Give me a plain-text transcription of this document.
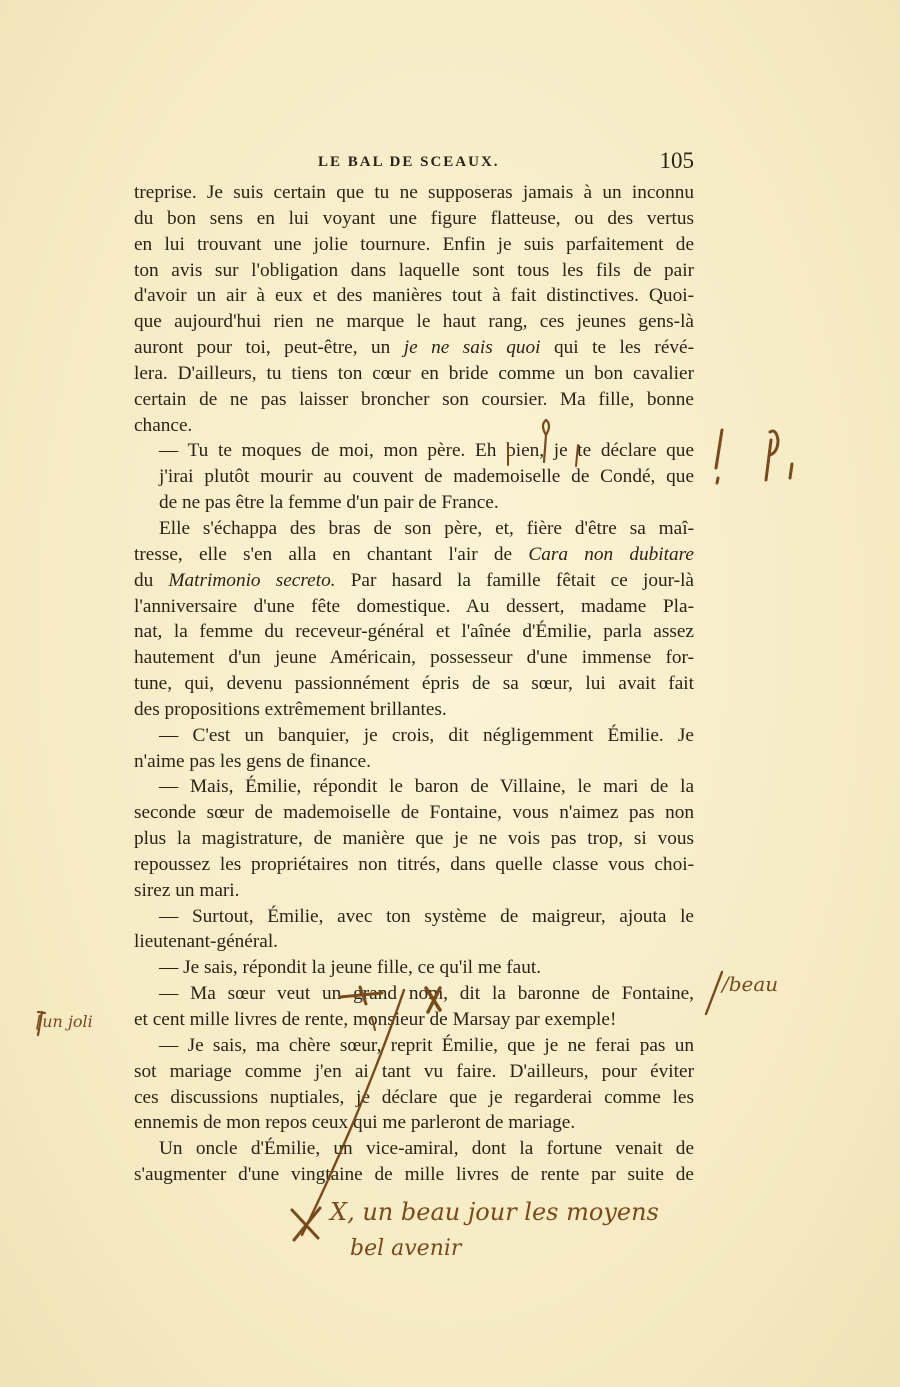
LE BAL DE SCEAUX.	105

treprise. Je suis certain que tu ne supposeras jamais à un inconnu
du bon sens en lui voyant une figure flatteuse, ou des vertus
en lui trouvant une jolie tournure. Enfin je suis parfaitement de
ton avis sur l'obligation dans laquelle sont tous les fils de pair
d'avoir un air à eux et des manières tout à fait distinctives. Quoi-
que aujourd'hui rien ne marque le haut rang, ces jeunes gens-là
auront pour toi, peut-être, un je ne sais quoi qui te les révé-
lera. D'ailleurs, tu tiens ton cœur en bride comme un bon cavalier
certain de ne pas laisser broncher son coursier. Ma fille, bonne
chance.

— Tu te moques de moi, mon père. Eh bien, je te déclare que
j'irai plutôt mourir au couvent de mademoiselle de Condé, que
de ne pas être la femme d'un pair de France.

Elle s'échappa des bras de son père, et, fière d'être sa maî-
tresse, elle s'en alla en chantant l'air de Cara non dubitare
du Matrimonio secreto. Par hasard la famille fêtait ce jour-là
l'anniversaire d'une fête domestique. Au dessert, madame Pla-
nat, la femme du receveur-général et l'aînée d'Émilie, parla assez
hautement d'un jeune Américain, possesseur d'une immense for-
tune, qui, devenu passionnément épris de sa sœur, lui avait fait
des propositions extrêmement brillantes.

— C'est un banquier, je crois, dit négligemment Émilie. Je
n'aime pas les gens de finance.

— Mais, Émilie, répondit le baron de Villaine, le mari de la
seconde sœur de mademoiselle de Fontaine, vous n'aimez pas non
plus la magistrature, de manière que je ne vois pas trop, si vous
repoussez les propriétaires non titrés, dans quelle classe vous choi-
sirez un mari.

— Surtout, Émilie, avec ton système de maigreur, ajouta le
lieutenant-général.

— Je sais, répondit la jeune fille, ce qu'il me faut.

— Ma sœur veut un grand nom, dit la baronne de Fontaine,
et cent mille livres de rente, monsieur de Marsay par exemple!

— Je sais, ma chère sœur, reprit Émilie, que je ne ferai pas un
sot mariage comme j'en ai tant vu faire. D'ailleurs, pour éviter
ces discussions nuptiales, je déclare que je regarderai comme les
ennemis de mon repos ceux qui me parleront de mariage.

Un oncle d'Émilie, un vice-amiral, dont la fortune venait de
s'augmenter d'une vingtaine de mille livres de rente par suite de

/beau
[un joli
X, un beau jour les moyens
bel avenir
